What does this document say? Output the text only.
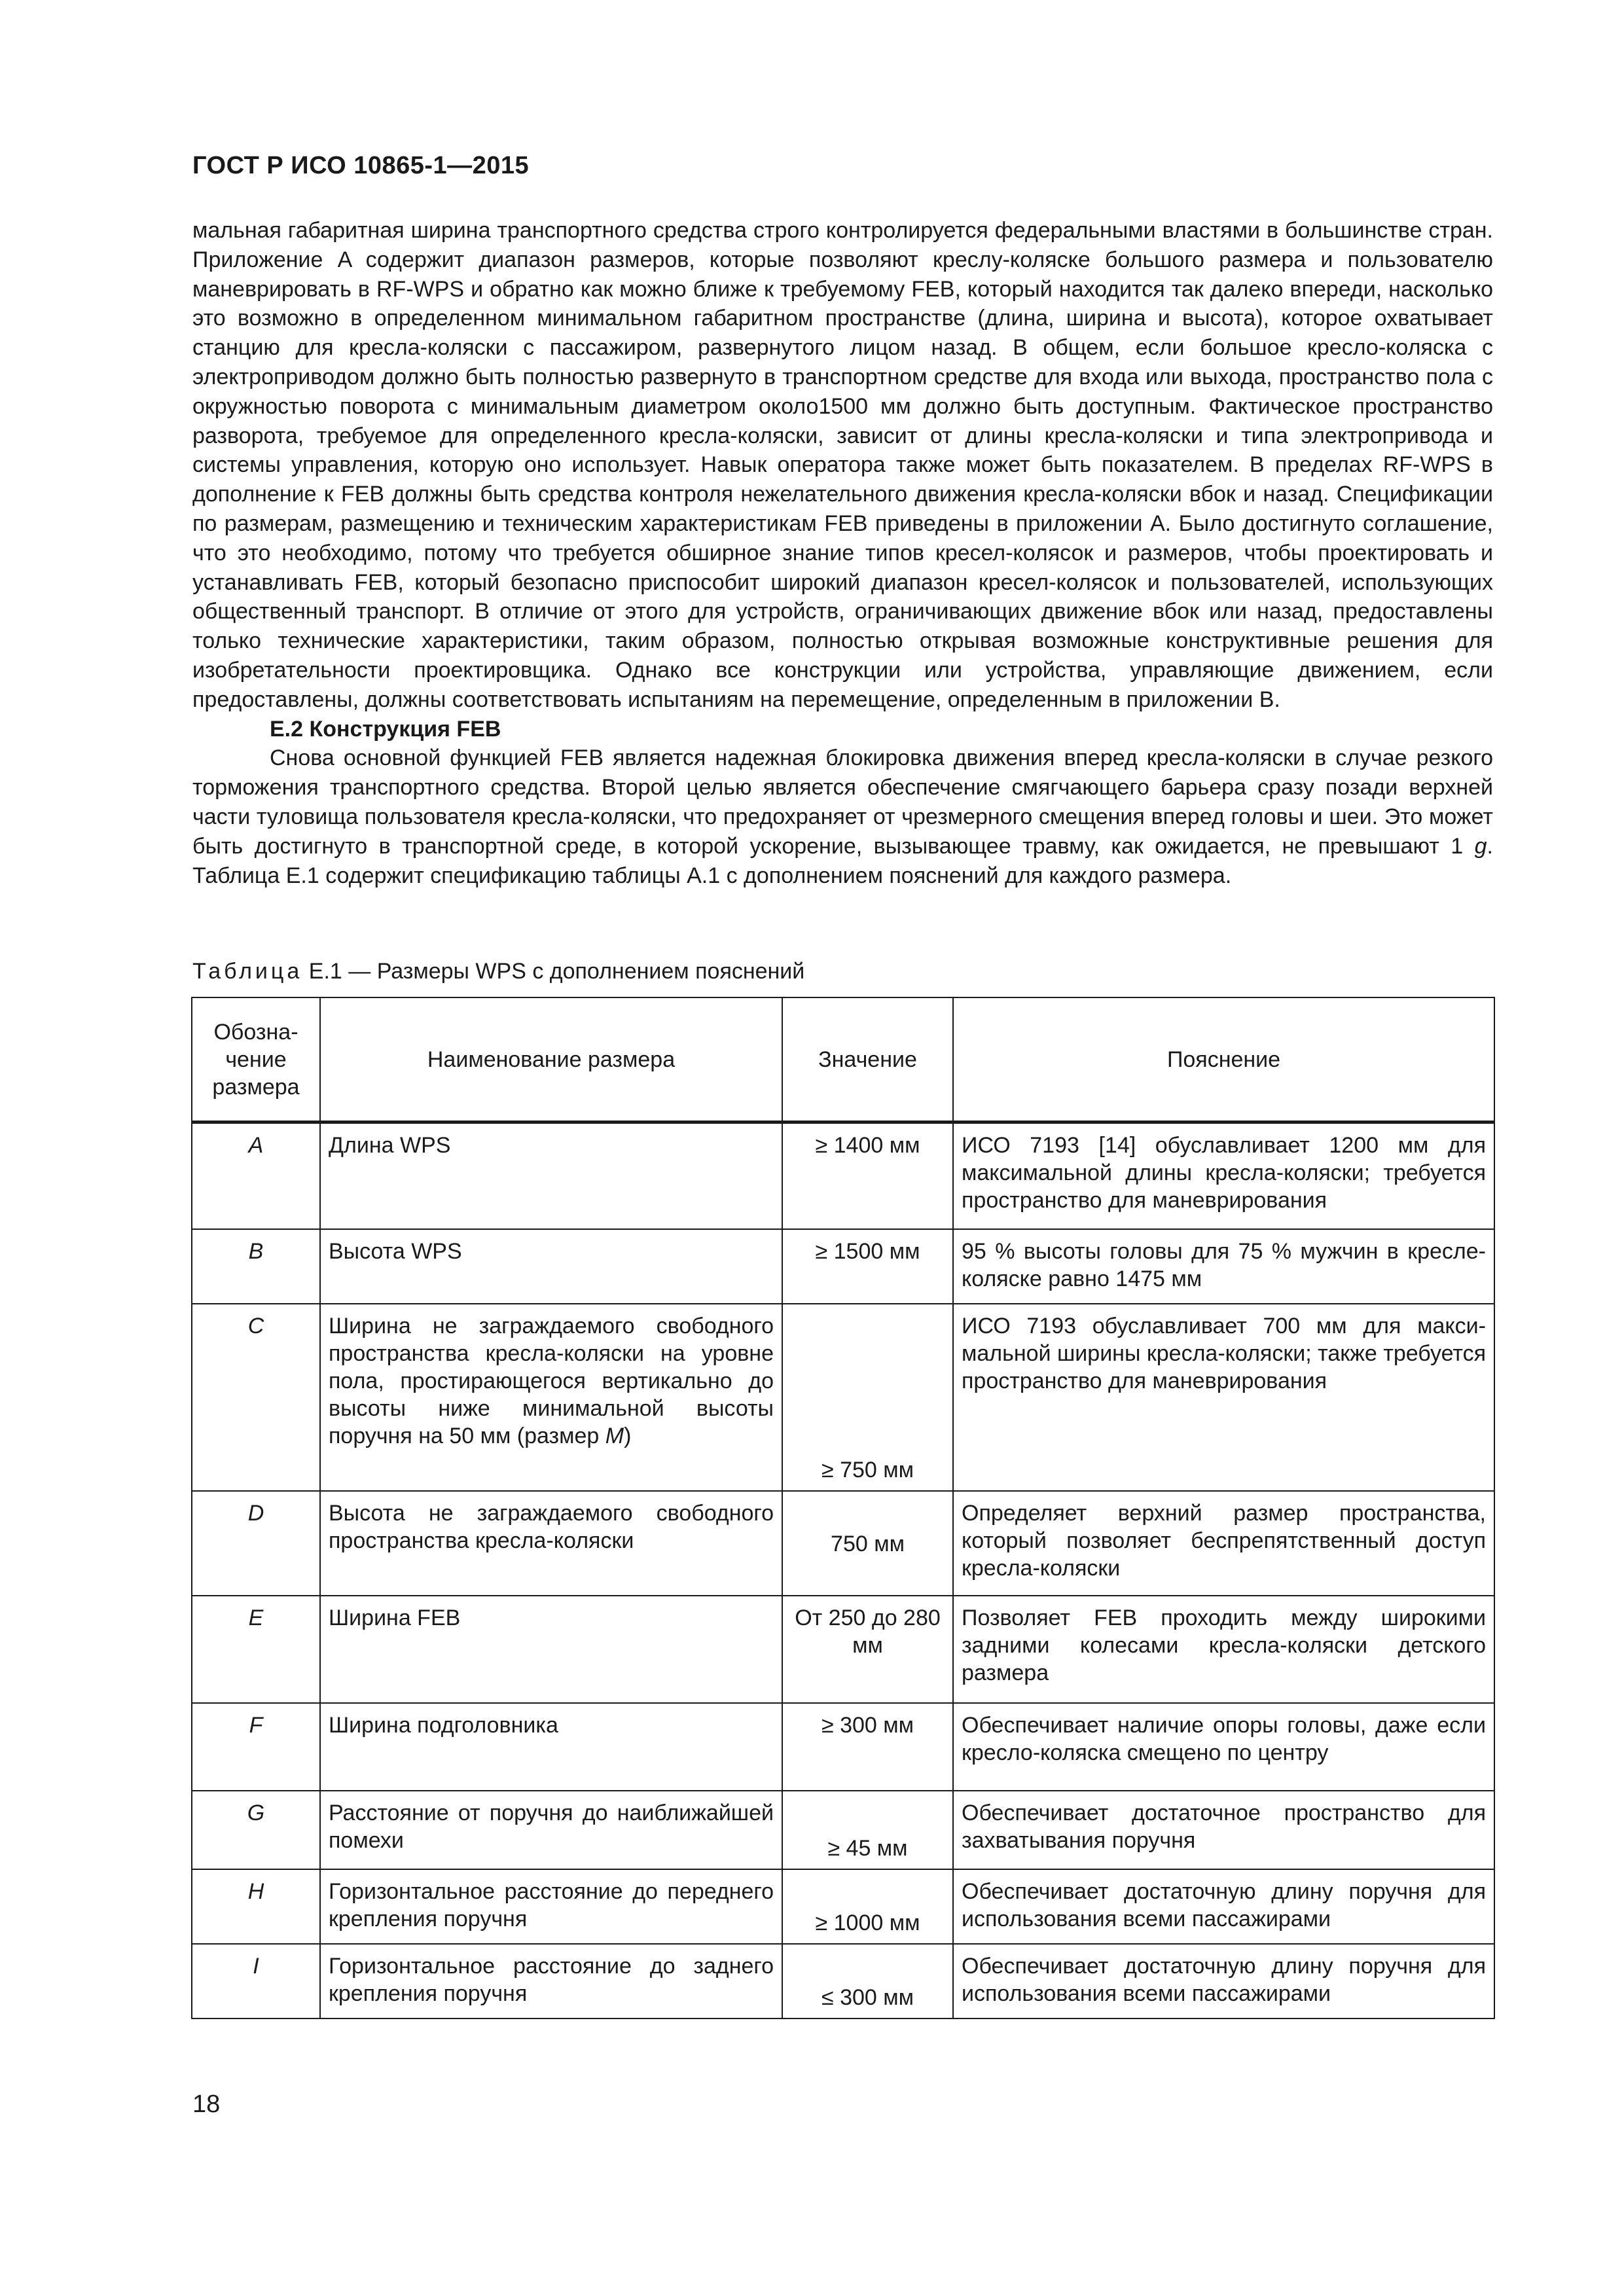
ГОСТ Р ИСО 10865-1—2015

мальная габаритная ширина транспортного средства строго контролируется федеральными властями в большинстве стран. Приложение A содержит диапазон размеров, которые позволяют креслу-коляске большого размера и пользователю маневрировать в RF-WPS и обратно как можно ближе к требуемому FEB, который находится так далеко впереди, насколько это возможно в определенном минимальном габаритном пространстве (длина, ширина и высота), которое охватывает станцию для кресла-коляски с пассажиром, развернутого лицом назад. В общем, если большое кресло-коляска с электроприводом должно быть полностью развернуто в транспортном средстве для входа или выхода, пространство пола с окружностью поворота с минимальным диаметром около1500 мм должно быть доступным. Фактическое пространство разворота, требуемое для определенного кресла-коляски, зависит от длины кресла-коляски и типа электропривода и системы управления, которую оно использует. Навык оператора также может быть показателем. В пределах RF-WPS в дополнение к FEB должны быть средства контроля нежелательного движения кресла-коляски вбок и назад. Спецификации по размерам, размещению и техническим характеристикам FEB приведены в приложении A. Было достигнуто соглашение, что это необходимо, потому что требуется обширное знание типов кресел-колясок и размеров, чтобы проектировать и устанавливать FEB, который безопасно приспособит широкий диапазон кресел-колясок и пользователей, использующих общественный транспорт. В отличие от этого для устройств, ограничивающих движение вбок или назад, предоставлены только технические характеристики, таким образом, полностью открывая возможные конструктивные решения для изобретательности проектировщика. Однако все конструкции или устройства, управляющие движением, если предоставлены, должны соответствовать испытаниям на перемещение, определенным в приложении B.

E.2 Конструкция FEB

Снова основной функцией FEB является надежная блокировка движения вперед кресла-коляски в случае резкого торможения транспортного средства. Второй целью является обеспечение смягчающего барьера сразу позади верхней части туловища пользователя кресла-коляски, что предохраняет от чрезмерного смещения вперед головы и шеи. Это может быть достигнуто в транспортной среде, в которой ускорение, вызывающее травму, как ожидается, не превышают 1 g. Таблица E.1 содержит спецификацию таблицы A.1 с дополнением пояснений для каждого размера.

Таблица E.1 — Размеры WPS с дополнением пояснений
Обозначение размера	Наименование размера	Значение	Пояснение
A	Длина WPS	≥ 1400 мм	ИСО 7193 [14] обуславливает 1200 мм для максимальной длины кресла-коляски; требуется пространство для маневрирования
B	Высота WPS	≥ 1500 мм	95 % высоты головы для 75 % мужчин в кресле-коляске равно 1475 мм
C	Ширина не заграждаемого свободного пространства кресла-коляски на уровне пола, простирающегося вертикально до высоты ниже минимальной высоты поручня на 50 мм (размер M)	≥ 750 мм	ИСО 7193 обуславливает 700 мм для максимальной ширины кресла-коляски; также требуется пространство для маневрирования
D	Высота не заграждаемого свободного пространства кресла-коляски	750 мм	Определяет верхний размер пространства, который позволяет беспрепятственный доступ кресла-коляски
E	Ширина FEB	От 250 до 280 мм	Позволяет FEB проходить между широкими задними колесами кресла-коляски детского размера
F	Ширина подголовника	≥ 300 мм	Обеспечивает наличие опоры головы, даже если кресло-коляска смещено по центру
G	Расстояние от поручня до наиближайшей помехи	≥ 45 мм	Обеспечивает достаточное пространство для захватывания поручня
H	Горизонтальное расстояние до переднего крепления поручня	≥ 1000 мм	Обеспечивает достаточную длину поручня для использования всеми пассажирами
I	Горизонтальное расстояние до заднего крепления поручня	≤ 300 мм	Обеспечивает достаточную длину поручня для использования всеми пассажирами
18
